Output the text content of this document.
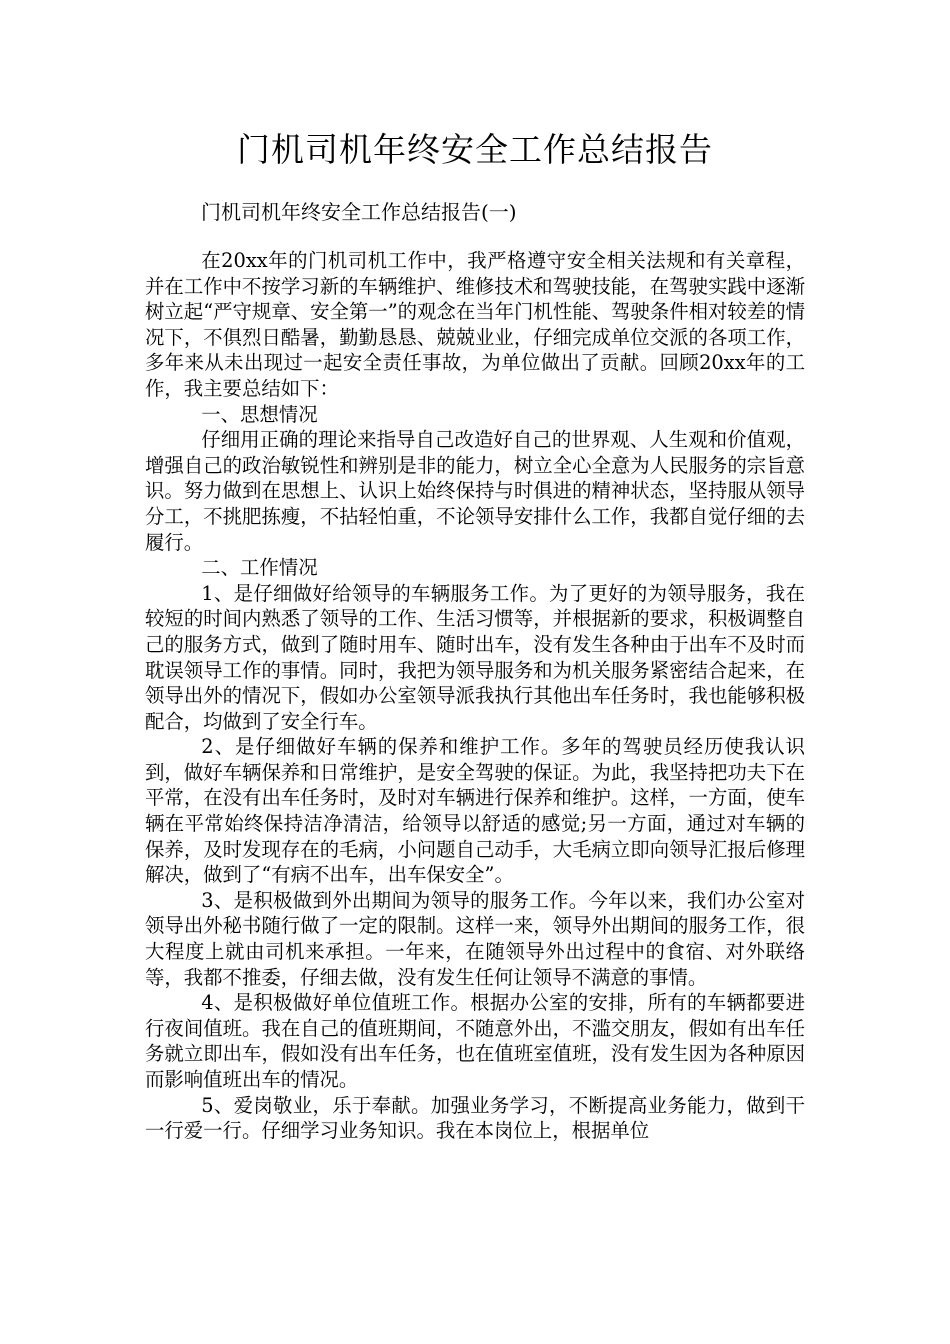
门机司机年终安全工作总结报告

门机司机年终安全工作总结报告(一)

在20xx年的门机司机工作中，我严格遵守安全相关法规和有关章程，并在工作中不按学习新的车辆维护、维修技术和驾驶技能，在驾驶实践中逐渐树立起“严守规章、安全第一”的观念在当年门机性能、驾驶条件相对较差的情况下，不俱烈日酷暑，勤勤恳恳、兢兢业业，仔细完成单位交派的各项工作，多年来从未出现过一起安全责任事故，为单位做出了贡献。回顾20xx年的工作，我主要总结如下：

一、思想情况

仔细用正确的理论来指导自己改造好自己的世界观、人生观和价值观，增强自己的政治敏锐性和辨别是非的能力，树立全心全意为人民服务的宗旨意识。努力做到在思想上、认识上始终保持与时俱进的精神状态，坚持服从领导分工，不挑肥拣瘦，不拈轻怕重，不论领导安排什么工作，我都自觉仔细的去履行。

二、工作情况

1、是仔细做好给领导的车辆服务工作。为了更好的为领导服务，我在较短的时间内熟悉了领导的工作、生活习惯等，并根据新的要求，积极调整自己的服务方式，做到了随时用车、随时出车，没有发生各种由于出车不及时而耽误领导工作的事情。同时，我把为领导服务和为机关服务紧密结合起来，在领导出外的情况下，假如办公室领导派我执行其他出车任务时，我也能够积极配合，均做到了安全行车。

2、是仔细做好车辆的保养和维护工作。多年的驾驶员经历使我认识到，做好车辆保养和日常维护，是安全驾驶的保证。为此，我坚持把功夫下在平常，在没有出车任务时，及时对车辆进行保养和维护。这样，一方面，使车辆在平常始终保持洁净清洁，给领导以舒适的感觉;另一方面，通过对车辆的保养，及时发现存在的毛病，小问题自己动手，大毛病立即向领导汇报后修理解决，做到了“有病不出车，出车保安全”。

3、是积极做到外出期间为领导的服务工作。今年以来，我们办公室对领导出外秘书随行做了一定的限制。这样一来，领导外出期间的服务工作，很大程度上就由司机来承担。一年来，在随领导外出过程中的食宿、对外联络等，我都不推委，仔细去做，没有发生任何让领导不满意的事情。

4、是积极做好单位值班工作。根据办公室的安排，所有的车辆都要进行夜间值班。我在自己的值班期间，不随意外出，不滥交朋友，假如有出车任务就立即出车，假如没有出车任务，也在值班室值班，没有发生因为各种原因而影响值班出车的情况。

5、爱岗敬业，乐于奉献。加强业务学习，不断提高业务能力，做到干一行爱一行。仔细学习业务知识。我在本岗位上，根据单位
